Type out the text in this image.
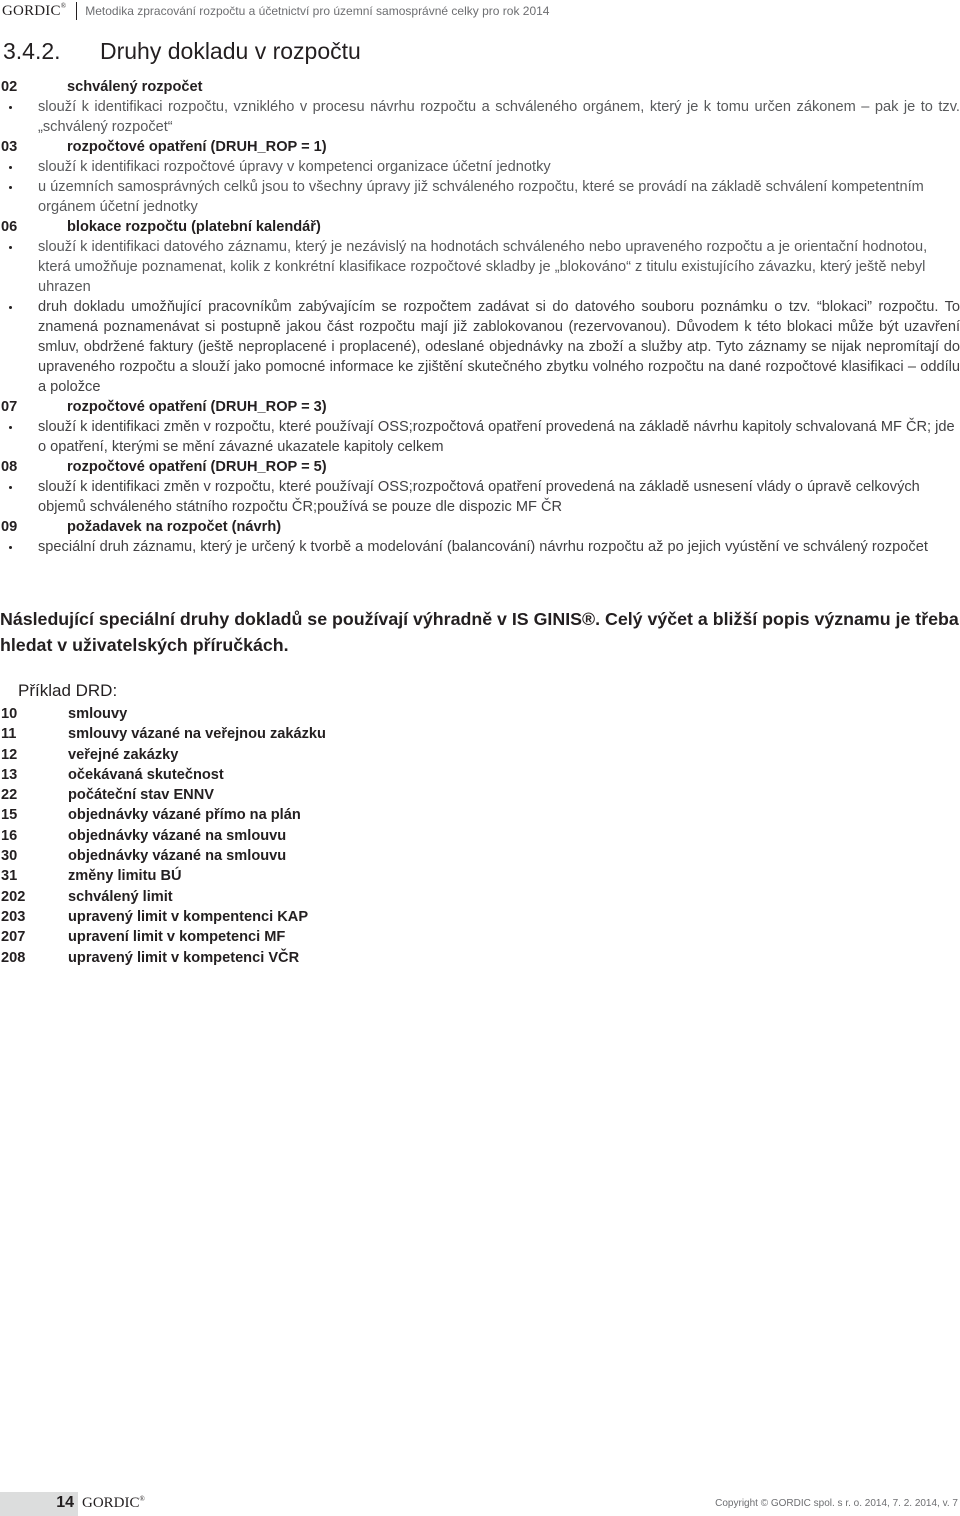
GORDIC® Metodika zpracování rozpočtu a účetnictví pro územní samosprávné celky pro rok 2014
3.4.2. Druhy dokladu v rozpočtu
02	schválený rozpočet
slouží k identifikaci rozpočtu, vzniklého v procesu návrhu rozpočtu a schváleného orgánem, který je k tomu určen zákonem – pak je to tzv. „schválený rozpočet“
03	rozpočtové opatření (DRUH_ROP = 1)
slouží k identifikaci rozpočtové úpravy v kompetenci organizace účetní jednotky
u územních samosprávných celků jsou to všechny úpravy již schváleného rozpočtu, které se provádí na základě schválení kompetentním orgánem účetní jednotky
06	blokace rozpočtu (platební kalendář)
slouží k identifikaci datového záznamu, který je nezávislý na hodnotách schváleného nebo upraveného rozpočtu a je orientační hodnotou, která umožňuje poznamenat, kolik z konkrétní klasifikace rozpočtové skladby je „blokováno“ z titulu existujícího závazku, který ještě nebyl uhrazen
druh dokladu umožňující pracovníkům zabývajícím se rozpočtem zadávat si do datového souboru poznámku o tzv. “blokaci” rozpočtu. To znamená poznamenávat si postupně jakou část rozpočtu mají již zablokovanou (rezervovanou). Důvodem k této blokaci může být uzavření smluv, obdržené faktury (ještě neproplacené i proplacené), odeslané objednávky na zboží a služby atp. Tyto záznamy se nijak nepromítají do upraveného rozpočtu a slouží jako pomocné informace ke zjištění skutečného zbytku volného rozpočtu na dané rozpočtové klasifikaci – oddílu a položce
07	rozpočtové opatření (DRUH_ROP = 3)
slouží k identifikaci změn v rozpočtu, které používají OSS;rozpočtová opatření provedená na základě návrhu kapitoly schvalovaná MF ČR; jde o opatření, kterými se mění závazné ukazatele kapitoly celkem
08	rozpočtové opatření (DRUH_ROP = 5)
slouží k identifikaci změn v rozpočtu, které používají OSS;rozpočtová opatření provedená na základě usnesení vlády o úpravě celkových objemů schváleného státního rozpočtu ČR;používá se pouze dle dispozic MF ČR
09	požadavek na rozpočet (návrh)
speciální druh záznamu, který je určený k tvorbě a modelování (balancování) návrhu rozpočtu až po jejich vyústění ve schválený rozpočet
Následující speciální druhy dokladů se používají výhradně v IS GINIS®. Celý výčet a bližší popis významu je třeba hledat v uživatelských příručkách.
Příklad DRD:
10	smlouvy
11	smlouvy vázané na veřejnou zakázku
12	veřejné zakázky
13	očekávaná skutečnost
22	počáteční stav ENNV
15	objednávky vázané přímo na plán
16	objednávky vázané na smlouvu
30	objednávky vázané na smlouvu
31	změny limitu BÚ
202	schválený limit
203	upravený limit v kompentenci KAP
207	upravení limit v kompetenci MF
208	upravený limit v kompetenci VČR
14 GORDIC®	Copyright © GORDIC spol. s r. o. 2014, 7. 2. 2014, v. 7
